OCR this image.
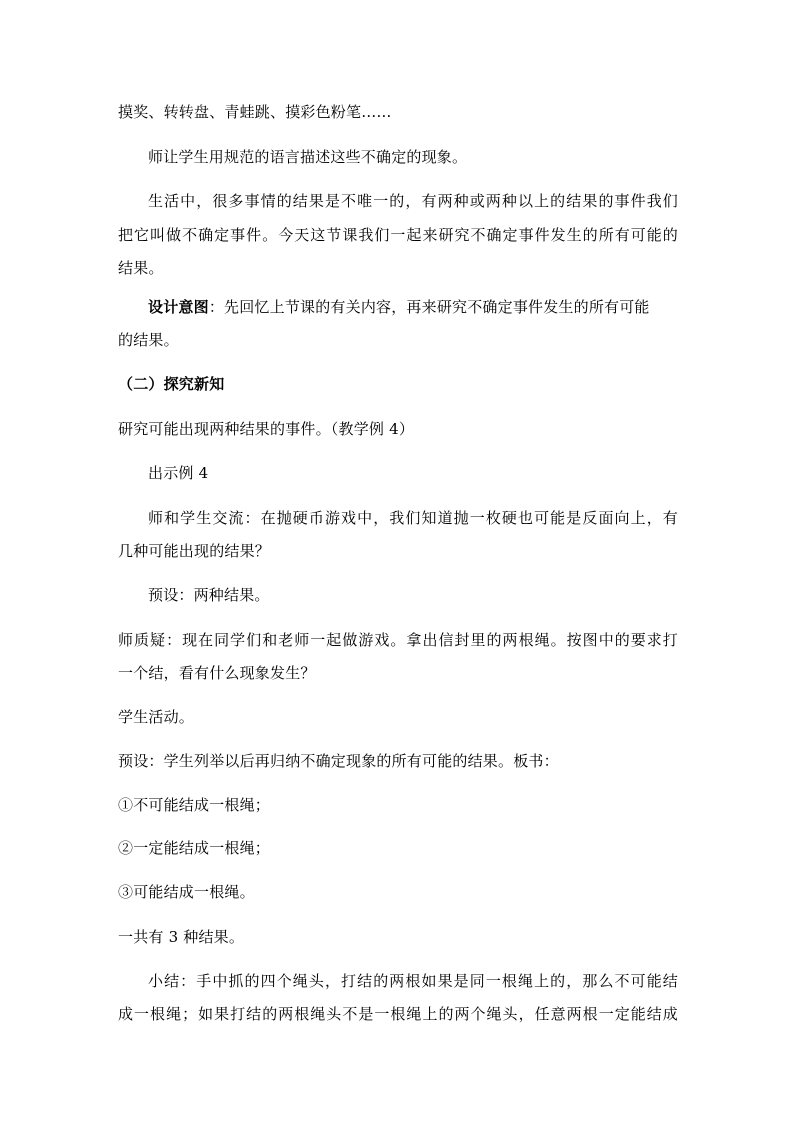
摸奖、转转盘、青蛙跳、摸彩色粉笔……
师让学生用规范的语言描述这些不确定的现象。
生活中，很多事情的结果是不唯一的，有两种或两种以上的结果的事件我们
把它叫做不确定事件。今天这节课我们一起来研究不确定事件发生的所有可能的
结果。
设计意图：先回忆上节课的有关内容，再来研究不确定事件发生的所有可能
的结果。
（二）探究新知
研究可能出现两种结果的事件。（教学例 4）
出示例 4
师和学生交流：在抛硬币游戏中，我们知道抛一枚硬也可能是反面向上，有
几种可能出现的结果？
预设：两种结果。
师质疑：现在同学们和老师一起做游戏。拿出信封里的两根绳。按图中的要求打
一个结，看有什么现象发生？
学生活动。
预设：学生列举以后再归纳不确定现象的所有可能的结果。板书：
①不可能结成一根绳；
②一定能结成一根绳；
③可能结成一根绳。
一共有 3 种结果。
小结：手中抓的四个绳头，打结的两根如果是同一根绳上的，那么不可能结
成一根绳；如果打结的两根绳头不是一根绳上的两个绳头，任意两根一定能结成
